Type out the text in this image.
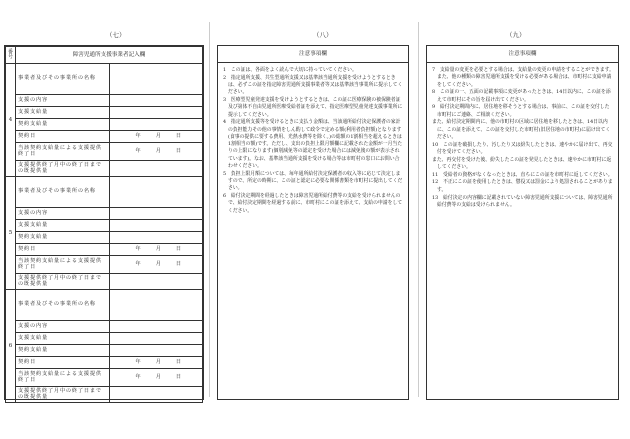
（七）	（八）	（九）
番号	障害児通所支援事業者記入欄	
4	事業者及びその事業所の名称	
	支援の内容	
	支援支給量	
	契約支給量	
	契約日	年 月 日
	当該契約支給量による支援提供終了日	年 月 日
	支援提供終了月中の終了日までの既提供量	
5	事業者及びその事業所の名称	
	支援の内容	
	支援支給量	
	契約支給量	
	契約日	年 月 日
	当該契約支給量による支援提供終了日	年 月 日
	支援提供終了月中の終了日までの既提供量	
6	事業者及びその事業所の名称	
	支援の内容	
	支援支給量	
	契約支給量	
	契約日	年 月 日
	当該契約支給量による支援提供終了日	年 月 日
	支援提供終了月中の終了日までの既提供量	
注意事項欄

1　この証は、各面をよく読んで大切に持っていてください。

2　指定通所支援、共生型通所支援又は基準該当通所支援を受けようとするときは、必ずこの証を指定障害児通所支援事業者等又は基準該当事業所に提示してください。

3　医療型児童発達支援を受けようとするときは、この証に医療保険の被保険者証及び第体不自由児通所医療受給者証を添えて、指定医療型児童発達支援事業所に提示してください。

4　指定通所支援等を受けるときに支払う金額は、当該通所給付決定保護者の家計の負担能力その他の事情をしん酌して政令で定める額(利用者負担額)となります(食事の提供に要する費用、光熱水費等を除く。)の総額の1割相当を超えるときは1割相当の額)です。ただし、支出の負担上限月額欄に記載された金額が一月当たりの上限になります(個別減免等の認定を受けた場合には減免後の額が表示されています)。なお、基準該当通所支援を受ける場合等は市町村の窓口にお問い合わせください。

5　負担上限月額については、毎年通所給付決定保護者の収入等に応じて決定しますので、所定の時期に、この証と認定に必要な関係書類を市町村に提出してください。

6　給付決定期間を経過したときは障害児通所給付費等の支給を受けられませんので、給付決定期間を経過する前に、市町村にこの証を添えて、支給の申請をしてください。

注意事項欄

7　支給量の変更を必要とする場合は、支給量の変更の申請をすることができます。また、他の種類の障害児通所支援を受ける必要がある場合は、市町村に支給申請をしてください。

8　この証の一、五面の記載事項に変更があったときは、14日以内に、この証を添えて市町村にその旨を届け出てください。

9　給付決定期間内に、居住地を移そうとする場合は、事前に、この証を交付した市町村にご連絡、ご相談ください。

また、給付決定期間内に、他の市町村の区域に居住地を移したときは、14日以内に、この証を添えて、この証を交付した市町村(旧居住地の市町村)に届け出てください。

10　この証を破損したり、汚したり又は紛失したときは、速やかに届け出て、再交付を受けてください。

また、再交付を受けた後、紛失したこの証を発見したときは、速やかに市町村に返してください。

11　受給者の資格がなくなったときは、直ちにこの証を市町村に返してください。

12　不正にこの証を使用したときは、懲役又は罰金により処罰されることがあります。

13　給付決定の内容欄に記載されていない障害児通所支援については、障害児通所給付費等の支給は受けられません。
